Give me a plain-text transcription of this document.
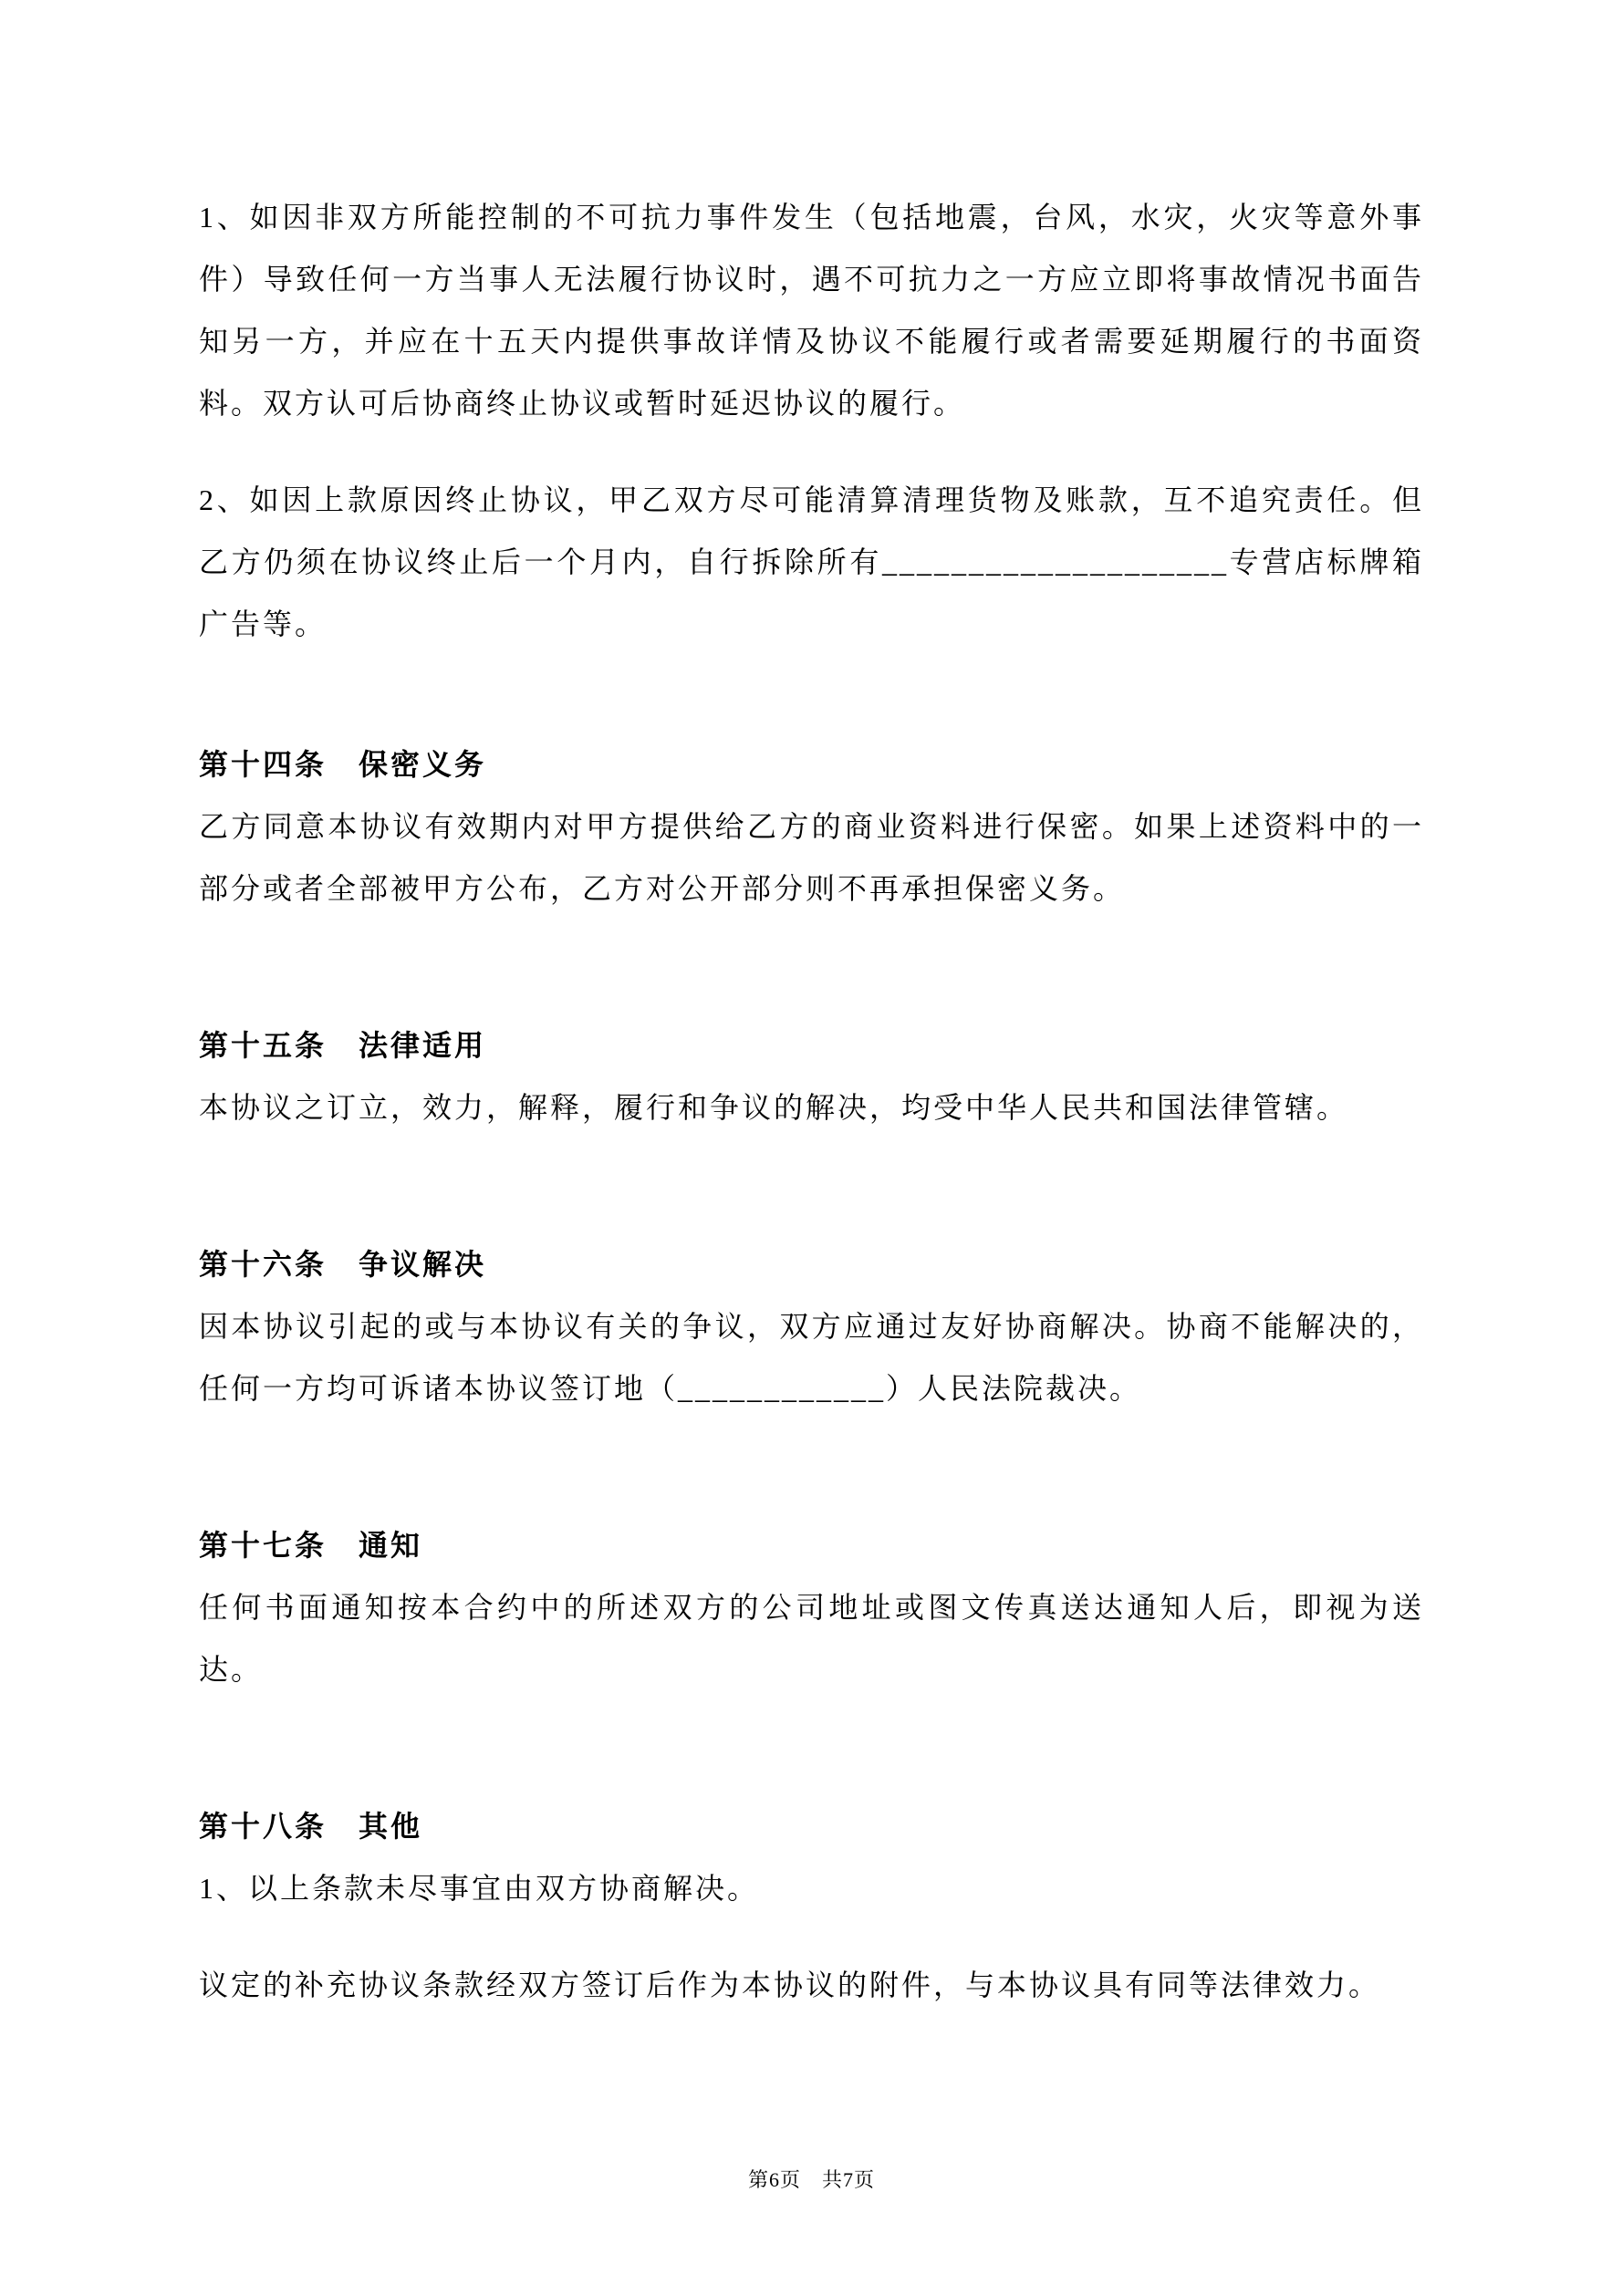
1、如因非双方所能控制的不可抗力事件发生（包括地震，台风，水灾，火灾等意外事件）导致任何一方当事人无法履行协议时，遇不可抗力之一方应立即将事故情况书面告知另一方，并应在十五天内提供事故详情及协议不能履行或者需要延期履行的书面资料。双方认可后协商终止协议或暂时延迟协议的履行。

2、如因上款原因终止协议，甲乙双方尽可能清算清理货物及账款，互不追究责任。但乙方仍须在协议终止后一个月内，自行拆除所有____________________专营店标牌箱广告等。

第十四条　保密义务

乙方同意本协议有效期内对甲方提供给乙方的商业资料进行保密。如果上述资料中的一部分或者全部被甲方公布，乙方对公开部分则不再承担保密义务。

第十五条　法律适用

本协议之订立，效力，解释，履行和争议的解决，均受中华人民共和国法律管辖。

第十六条　争议解决

因本协议引起的或与本协议有关的争议，双方应通过友好协商解决。协商不能解决的，任何一方均可诉诸本协议签订地（____________）人民法院裁决。

第十七条　通知

任何书面通知按本合约中的所述双方的公司地址或图文传真送达通知人后，即视为送达。

第十八条　其他

1、以上条款未尽事宜由双方协商解决。

议定的补充协议条款经双方签订后作为本协议的附件，与本协议具有同等法律效力。

第6页　共7页
